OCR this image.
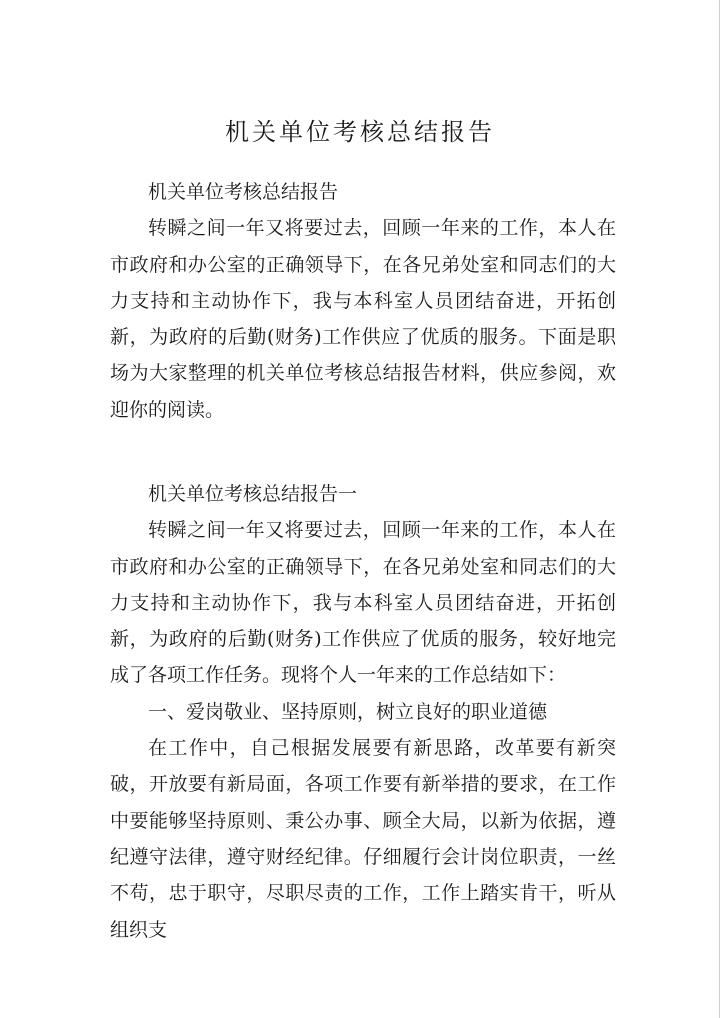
机关单位考核总结报告

机关单位考核总结报告

转瞬之间一年又将要过去，回顾一年来的工作，本人在市政府和办公室的正确领导下，在各兄弟处室和同志们的大力支持和主动协作下，我与本科室人员团结奋进，开拓创新，为政府的后勤(财务)工作供应了优质的服务。下面是职场为大家整理的机关单位考核总结报告材料，供应参阅，欢迎你的阅读。

机关单位考核总结报告一

转瞬之间一年又将要过去，回顾一年来的工作，本人在市政府和办公室的正确领导下，在各兄弟处室和同志们的大力支持和主动协作下，我与本科室人员团结奋进，开拓创新，为政府的后勤(财务)工作供应了优质的服务，较好地完成了各项工作任务。现将个人一年来的工作总结如下：

一、爱岗敬业、坚持原则，树立良好的职业道德

在工作中，自己根据发展要有新思路，改革要有新突破，开放要有新局面，各项工作要有新举措的要求，在工作中要能够坚持原则、秉公办事、顾全大局，以新为依据，遵纪遵守法律，遵守财经纪律。仔细履行会计岗位职责，一丝不苟，忠于职守，尽职尽责的工作，工作上踏实肯干，听从组织支
